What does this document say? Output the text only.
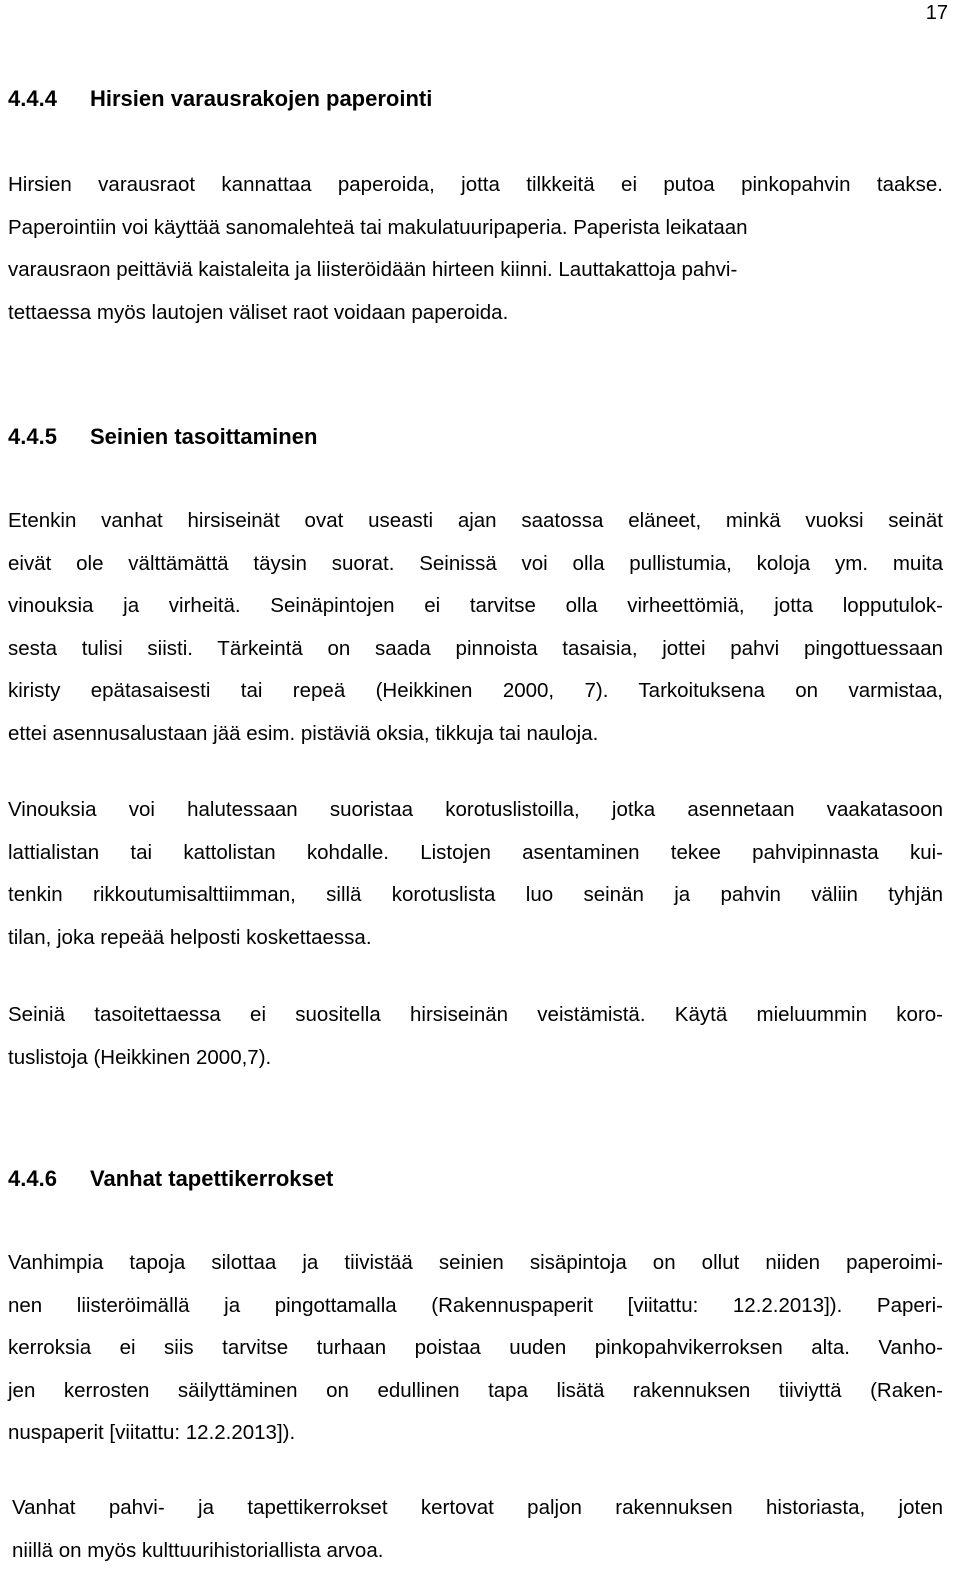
17
4.4.4 Hirsien varausrakojen paperointi

Hirsien varausraot kannattaa paperoida, jotta tilkkeitä ei putoa pinkopahvin taakse.
Paperointiin voi käyttää sanomalehteä tai makulatuuripaperia. Paperista leikataan
varausraon peittäviä kaistaleita ja liisteröidään hirteen kiinni. Lauttakattoja pahvi-
tettaessa myös lautojen väliset raot voidaan paperoida.

4.4.5 Seinien tasoittaminen

Etenkin vanhat hirsiseinät ovat useasti ajan saatossa eläneet, minkä vuoksi seinät
eivät ole välttämättä täysin suorat. Seinissä voi olla pullistumia, koloja ym. muita
vinouksia ja virheitä. Seinäpintojen ei tarvitse olla virheettömiä, jotta lopputulok-
sesta tulisi siisti. Tärkeintä on saada pinnoista tasaisia, jottei pahvi pingottuessaan
kiristy epätasaisesti tai repeä (Heikkinen 2000, 7). Tarkoituksena on varmistaa,
ettei asennusalustaan jää esim. pistäviä oksia, tikkuja tai nauloja.

Vinouksia voi halutessaan suoristaa korotuslistoilla, jotka asennetaan vaakatasoon
lattialistan tai kattolistan kohdalle. Listojen asentaminen tekee pahvipinnasta kui-
tenkin rikkoutumisalttiimman, sillä korotuslista luo seinän ja pahvin väliin tyhjän
tilan, joka repeää helposti koskettaessa.

Seiniä tasoitettaessa ei suositella hirsiseinän veistämistä. Käytä mieluummin koro-
tuslistoja (Heikkinen 2000,7).

4.4.6 Vanhat tapettikerrokset

Vanhimpia tapoja silottaa ja tiivistää seinien sisäpintoja on ollut niiden paperoimi-
nen liisteröimällä ja pingottamalla (Rakennuspaperit [viitattu: 12.2.2013]). Paperi-
kerroksia ei siis tarvitse turhaan poistaa uuden pinkopahvikerroksen alta. Vanho-
jen kerrosten säilyttäminen on edullinen tapa lisätä rakennuksen tiiviyttä (Raken-
nuspaperit [viitattu: 12.2.2013]).

Vanhat pahvi- ja tapettikerrokset kertovat paljon rakennuksen historiasta, joten
niillä on myös kulttuurihistoriallista arvoa.
